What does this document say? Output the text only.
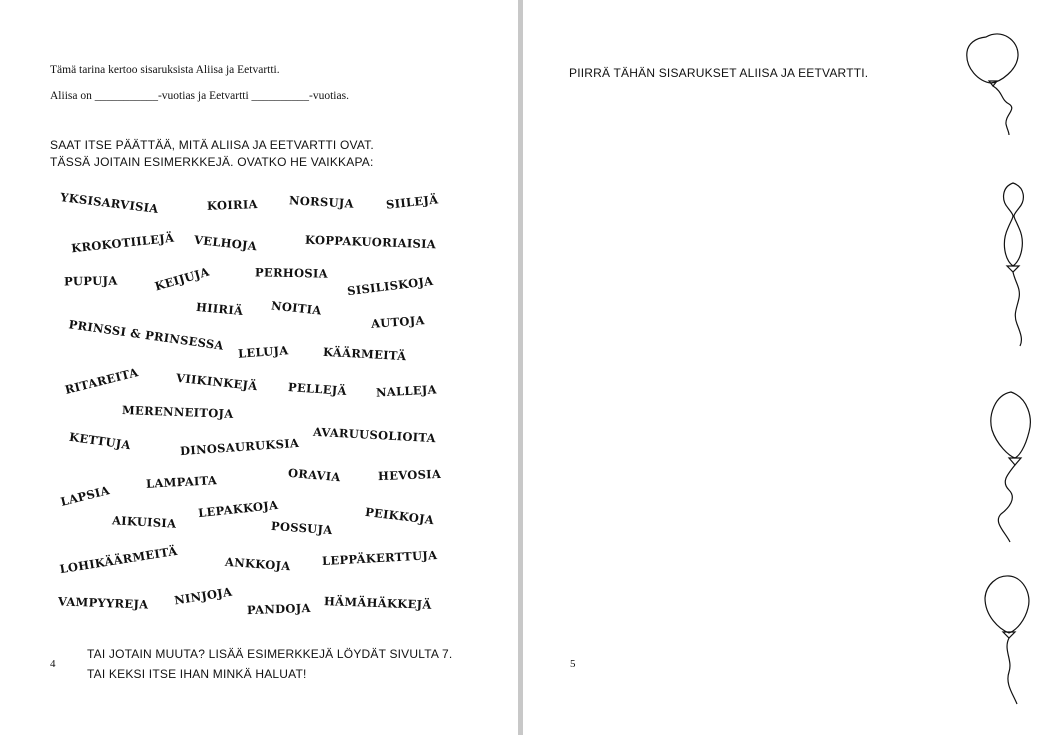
Tämä tarina kertoo sisaruksista Aliisa ja Eetvartti.
Aliisa on ___________-vuotias ja Eetvartti __________-vuotias.
SAAT ITSE PÄÄTTÄÄ, MITÄ ALIISA JA EETVARTTI OVAT.
TÄSSÄ JOITAIN ESIMERKKEJÄ. OVATKO HE VAIKKAPA:
YKSISARVISIA	KOIRIA	NORSUJA	SIILEJÄ
KROKOTIILEJÄ VELHOJA	KOPPAKUORIAISIA
PUPUJA	KEIJUJA	PERHOSIA
SISILISKOJA
HIIRIÄ NOITIA
AUTOJA
PRINSSI & PRINSESSA LELUJA	KÄÄRMEITÄ
RITAREITA	VIIKINKEJÄ	PELLEJÄ NALLEJA
MERENNEITOJA
KETTUJA	DINOSAURUKSIA
AVARUUSOLIOITA
ORAVIA	HEVOSIA
LAMPAITA
LAPSIA
LEPAKKOJA	PEIKKOJA
AIKUISIA	POSSUJA
LOHIKÄÄRMEITÄ	ANKKOJA	LEPPÄKERTTUJA
VAMPYYREJA NINJOJA
PANDOJA HÄMÄHÄKKEJÄ
TAI JOTAIN MUUTA? LISÄÄ ESIMERKKEJÄ LÖYDÄT SIVULTA 7.
TAI KEKSI ITSE IHAN MINKÄ HALUAT!
4
PIIRRÄ TÄHÄN SISARUKSET ALIISA JA EETVARTTI.
5
